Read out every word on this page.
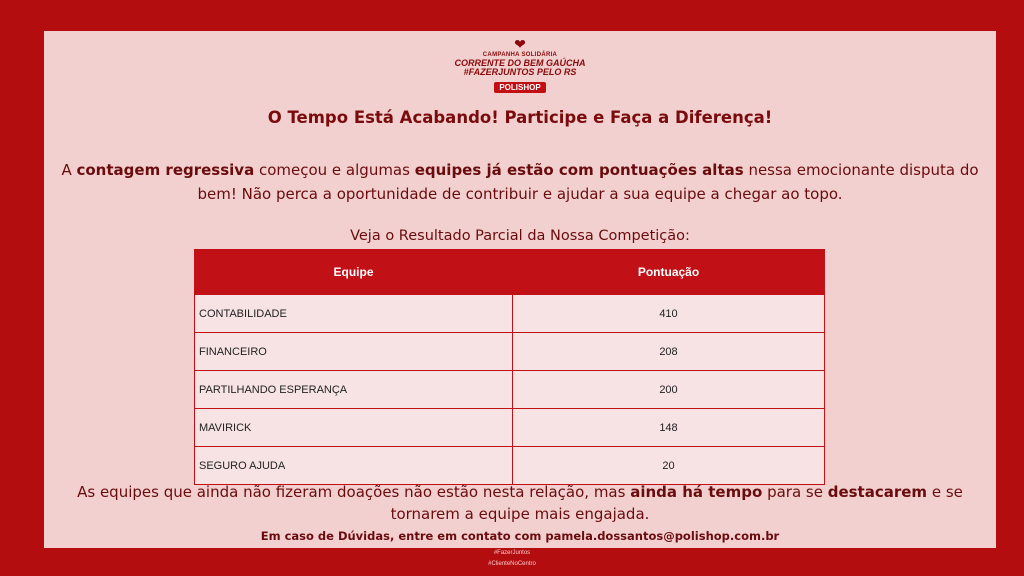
❤
CAMPANHA SOLIDÁRIA
CORRENTE DO BEM GAÚCHA
#FAZERJUNTOS PELO RS
POLISHOP
O Tempo Está Acabando! Participe e Faça a Diferença!
A contagem regressiva começou e algumas equipes já estão com pontuações altas nessa emocionante disputa do bem! Não perca a oportunidade de contribuir e ajudar a sua equipe a chegar ao topo.
Veja o Resultado Parcial da Nossa Competição:
Equipe	Pontuação
CONTABILIDADE	410
FINANCEIRO	208
PARTILHANDO ESPERANÇA	200
MAVIRICK	148
SEGURO AJUDA	20
As equipes que ainda não fizeram doações não estão nesta relação, mas ainda há tempo para se destacarem e se tornarem a equipe mais engajada.
Em caso de Dúvidas, entre em contato com pamela.dossantos@polishop.com.br
#FazerJuntos
#ClienteNoCentro
